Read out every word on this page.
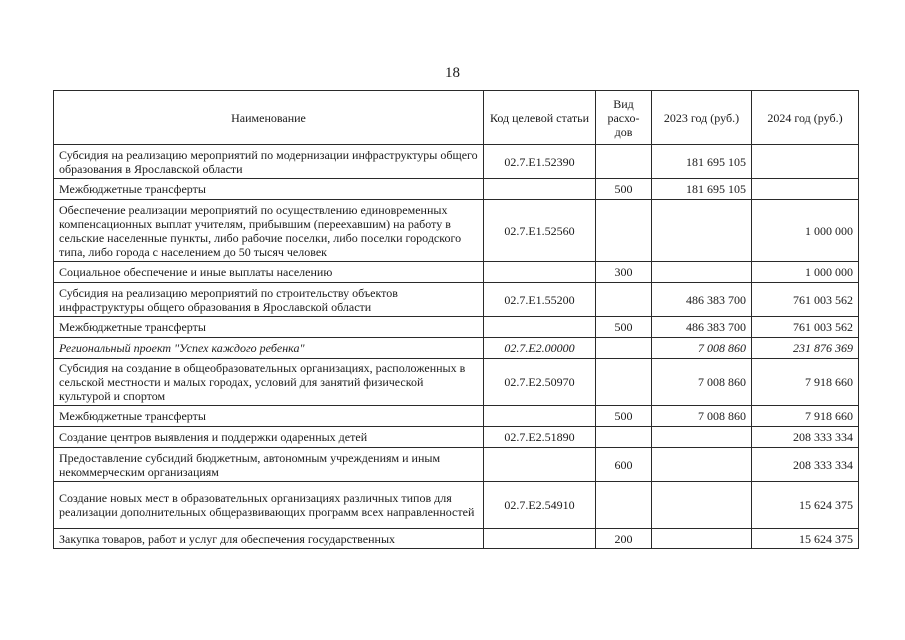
18
Наименование	Код целевой статьи	Вид расхо-дов	2023 год (руб.)	2024 год (руб.)
Субсидия на реализацию мероприятий по модернизации инфраструктуры общего образования в Ярославской области	02.7.E1.52390		181 695 105	
Межбюджетные трансферты		500	181 695 105	
Обеспечение реализации мероприятий по осуществлению единовременных компенсационных выплат учителям, прибывшим (переехавшим) на работу в сельские населенные пункты, либо рабочие поселки, либо поселки городского типа, либо города с населением до 50 тысяч человек	02.7.E1.52560			1 000 000
Социальное обеспечение и иные выплаты населению		300		1 000 000
Субсидия на реализацию мероприятий по строительству объектов инфраструктуры общего образования в Ярославской области	02.7.E1.55200		486 383 700	761 003 562
Межбюджетные трансферты		500	486 383 700	761 003 562
Региональный проект "Успех каждого ребенка"	02.7.E2.00000		7 008 860	231 876 369
Субсидия на создание в общеобразовательных организациях, расположенных в сельской местности и малых городах, условий для занятий физической культурой и спортом	02.7.E2.50970		7 008 860	7 918 660
Межбюджетные трансферты		500	7 008 860	7 918 660
Создание центров выявления и поддержки одаренных детей	02.7.E2.51890			208 333 334
Предоставление субсидий бюджетным, автономным учреждениям и иным некоммерческим организациям		600		208 333 334
Создание новых мест в образовательных организациях различных типов для реализации дополнительных общеразвивающих программ всех направленностей	02.7.E2.54910			15 624 375
Закупка товаров, работ и услуг для обеспечения государственных		200		15 624 375
